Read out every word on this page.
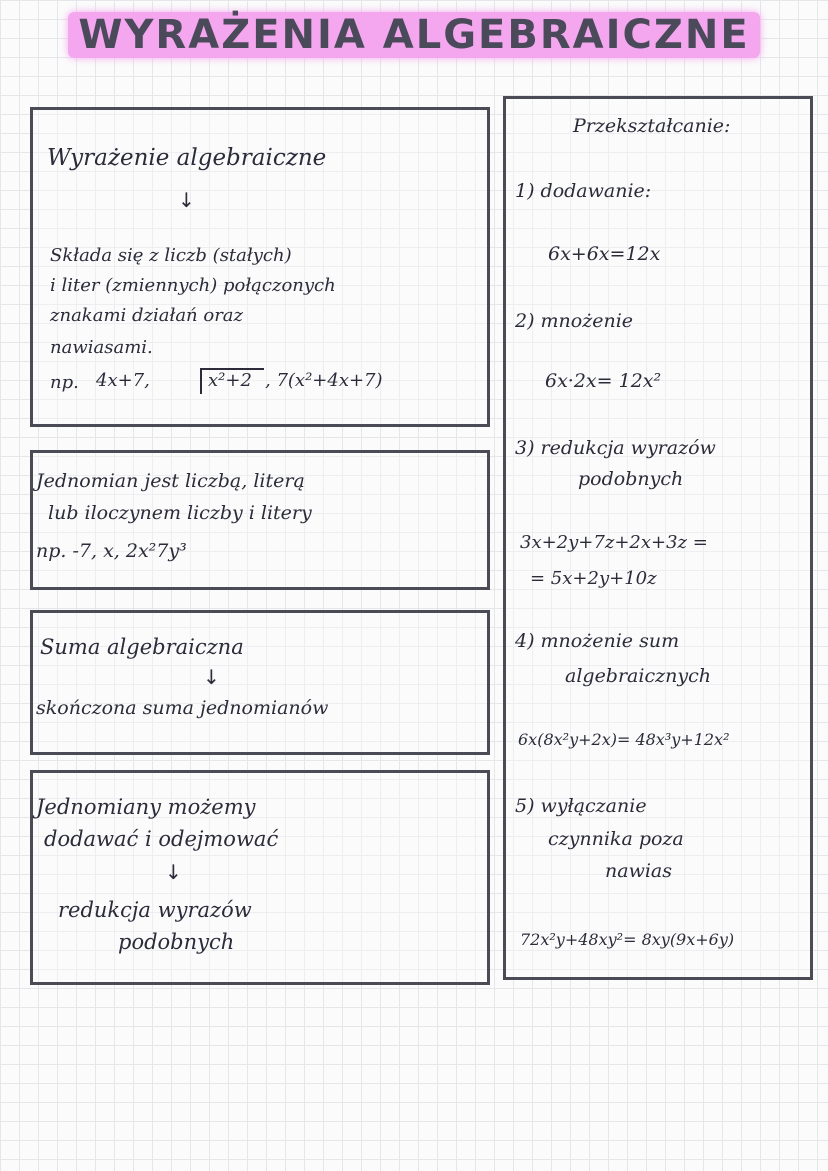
WYRAŻENIA ALGEBRAICZNE
Wyrażenie algebraiczne
↓
Składa się z liczb (stałych)
i liter (zmiennych) połączonych
znakami działań oraz
nawiasami.
np. 4x+7,	x²+2 , 7(x²+4x+7)
Jednomian jest liczbą, literą
lub iloczynem liczby i litery
np. -7, x, 2x²7y³
Suma algebraiczna
↓
skończona suma jednomianów
Jednomiany możemy
dodawać i odejmować
↓
redukcja wyrazów
podobnych
Przekształcanie:
1) dodawanie:
6x+6x=12x
2) mnożenie
6x·2x= 12x²
3) redukcja wyrazów
podobnych
3x+2y+7z+2x+3z =
= 5x+2y+10z
4) mnożenie sum
algebraicznych
6x(8x²y+2x)= 48x³y+12x²
5) wyłączanie
czynnika poza
nawias
72x²y+48xy²= 8xy(9x+6y)
